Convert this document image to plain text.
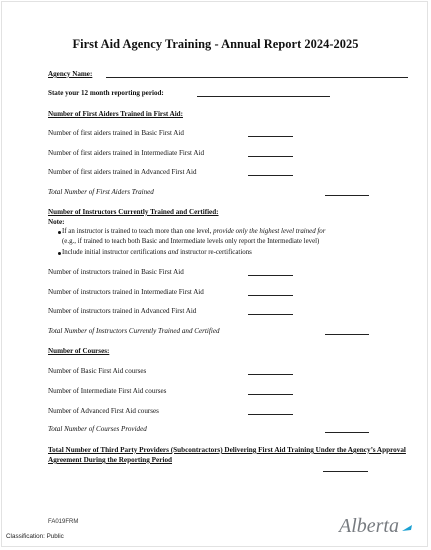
First Aid Agency Training - Annual Report 2024-2025
Agency Name:
State your 12 month reporting period:
Number of First Aiders Trained in First Aid:
Number of first aiders trained in Basic First Aid
Number of first aiders trained in Intermediate First Aid
Number of first aiders trained in Advanced First Aid
Total Number of First Aiders Trained
Number of Instructors Currently Trained and Certified:
Note:
If an instructor is trained to teach more than one level, provide only the highest level trained for
(e.g., if trained to teach both Basic and Intermediate levels only report the Intermediate level)
Include initial instructor certifications and instructor re-certifications
Number of instructors trained in Basic First Aid
Number of instructors trained in Intermediate First Aid
Number of instructors trained in Advanced First Aid
Total Number of Instructors Currently Trained and Certified
Number of Courses:
Number of Basic First Aid courses
Number of Intermediate First Aid courses
Number of Advanced First Aid courses
Total Number of Courses Provided
Total Number of Third Party Providers (Subcontractors) Delivering First Aid Training Under the Agency’s Approval Agreement During the Reporting Period
FA019FRM
Classification: Public	Alberta
